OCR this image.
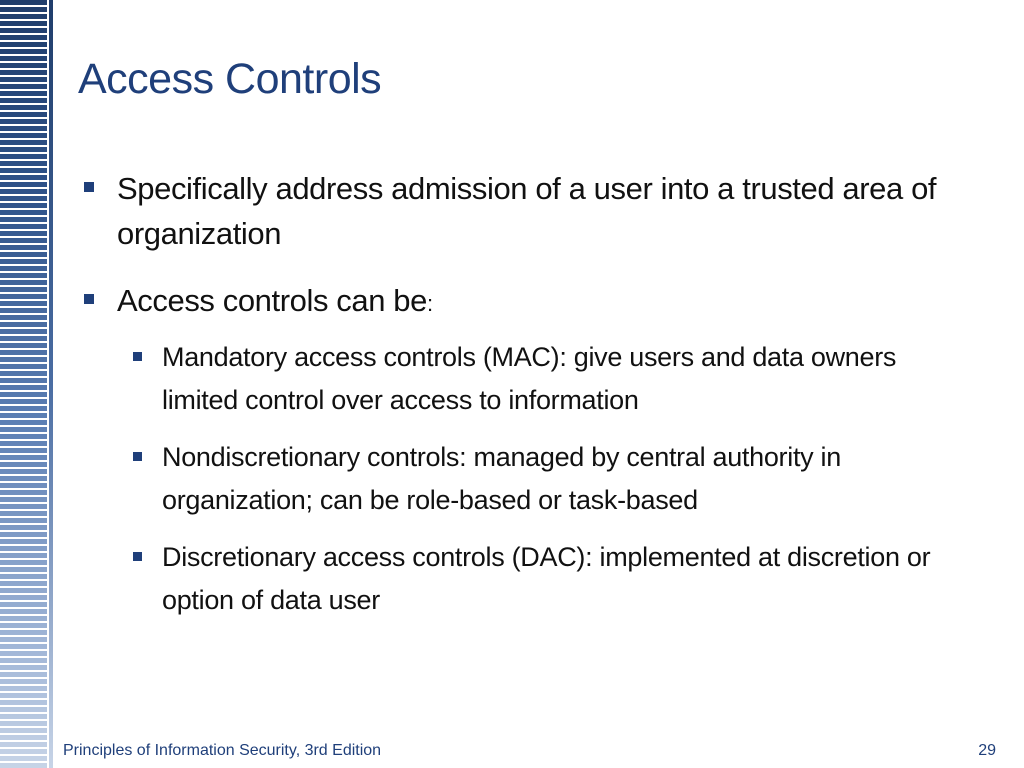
Access Controls
Specifically address admission of a user into a trusted area of organization
Access controls can be:
Mandatory access controls (MAC): give users and data owners limited control over access to information
Nondiscretionary controls: managed by central authority in organization; can be role-based or task-based
Discretionary access controls (DAC): implemented at discretion or option of data user
Principles of Information Security, 3rd Edition	29
